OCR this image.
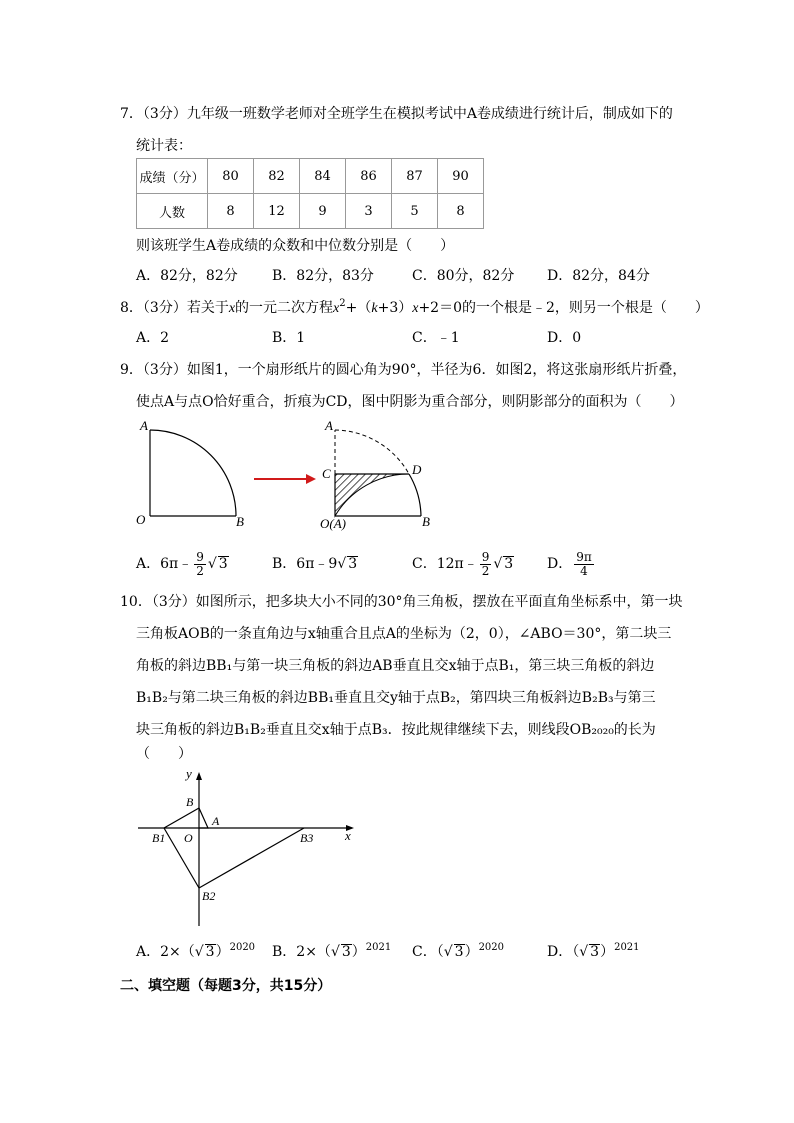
7．（3分）九年级一班数学老师对全班学生在模拟考试中A卷成绩进行统计后，制成如下的
统计表：
成绩（分）	80	82	84	86	87	90
人数	8	12	9	3	5	8
则该班学生A卷成绩的众数和中位数分别是（　　）
A．82分，82分 B．82分，83分	C．80分，82分 D．82分，84分
8．（3分）若关于x的一元二次方程$x^2+(k+3)x+2=0$的一个根是﹣2，则另一个根是（　　）
A．2	B．1	C．﹣1	D．0
9．（3分）如图1，一个扇形纸片的圆心角为90°，半径为6．如图2，将这张扇形纸片折叠，
使点A与点O恰好重合，折痕为CD，图中阴影为重合部分，则阴影部分的面积为（　　）
A
O	B
A
C	D
O(A)	B
A．6π﹣ $\frac{9}{2}$ √ 3	B．6π﹣9√ 3	C．12π﹣ $\frac{9}{2}$ √ 3 D． $\frac{9\pi}{4}$
10．（3分）如图所示，把多块大小不同的30°角三角板，摆放在平面直角坐标系中，第一块
三角板AOB的一条直角边与x轴重合且点A的坐标为（2，0），∠ABO＝30°，第二块三
角板的斜边BB₁与第一块三角板的斜边AB垂直且交x轴于点B₁，第三块三角板的斜边
B₁B₂与第二块三角板的斜边BB₁垂直且交y轴于点B₂，第四块三角板斜边B₂B₃与第三
块三角板的斜边B₁B₂垂直且交x轴于点B₃．按此规律继续下去，则线段OB₂₀₂₀的长为
（　　）
y
x
B
A
O
B1
B2
B3
A．2×（√ 3）$^{2020}$ B．2×（√ 3）$^{2021}$ C．（√ 3）$^{2020}$	D．（√ 3）$^{2021}$
二、填空题（每题3分，共15分）
